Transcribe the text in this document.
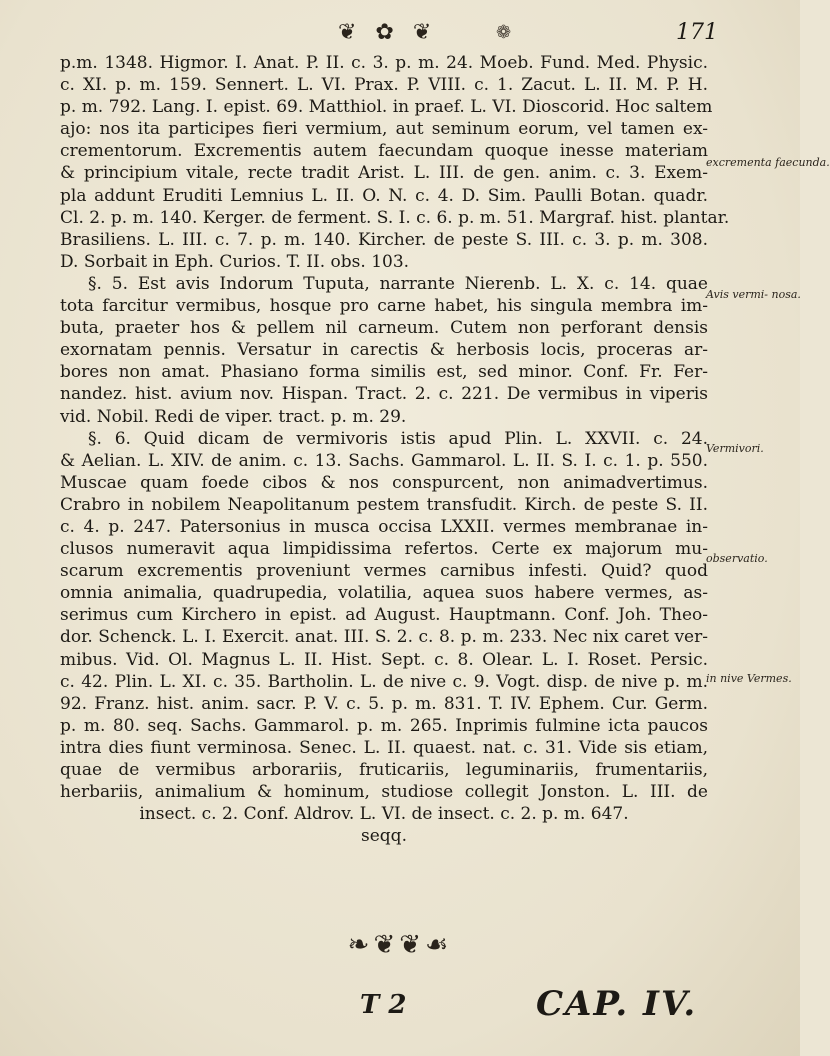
❦ ✿ ❦	❁	171
p.m. 1348. Higmor. I. Anat. P. II. c. 3. p. m. 24. Moeb. Fund. Med. Physic.
c. XI. p. m. 159. Sennert. L. VI. Prax. P. VIII. c. 1. Zacut. L. II. M. P. H.
p. m. 792. Lang. I. epist. 69. Matthiol. in praef. L. VI. Dioscorid. Hoc saltem
ajo: nos ita participes fieri vermium, aut seminum eorum, vel tamen ex-
crementorum. Excrementis autem faecundam quoque inesse materiam
& principium vitale, recte tradit Arist. L. III. de gen. anim. c. 3. Exem-
pla addunt Eruditi Lemnius L. II. O. N. c. 4. D. Sim. Paulli Botan. quadr.
Cl. 2. p. m. 140. Kerger. de ferment. S. I. c. 6. p. m. 51. Margraf. hist. plantar.
Brasiliens. L. III. c. 7. p. m. 140. Kircher. de peste S. III. c. 3. p. m. 308.
D. Sorbait in Eph. Curios. T. II. obs. 103.
§. 5. Est avis Indorum Tuputa, narrante Nierenb. L. X. c. 14. quae
tota farcitur vermibus, hosque pro carne habet, his singula membra im-
buta, praeter hos & pellem nil carneum. Cutem non perforant densis
exornatam pennis. Versatur in carectis & herbosis locis, proceras ar-
bores non amat. Phasiano forma similis est, sed minor. Conf. Fr. Fer-
nandez. hist. avium nov. Hispan. Tract. 2. c. 221. De vermibus in viperis
vid. Nobil. Redi de viper. tract. p. m. 29.
§. 6. Quid dicam de vermivoris istis apud Plin. L. XXVII. c. 24.
& Aelian. L. XIV. de anim. c. 13. Sachs. Gammarol. L. II. S. I. c. 1. p. 550.
Muscae quam foede cibos & nos conspurcent, non animadvertimus.
Crabro in nobilem Neapolitanum pestem transfudit. Kirch. de peste S. II.
c. 4. p. 247. Patersonius in musca occisa LXXII. vermes membranae in-
clusos numeravit aqua limpidissima refertos. Certe ex majorum mu-
scarum excrementis proveniunt vermes carnibus infesti. Quid? quod
omnia animalia, quadrupedia, volatilia, aquea suos habere vermes, as-
serimus cum Kirchero in epist. ad August. Hauptmann. Conf. Joh. Theo-
dor. Schenck. L. I. Exercit. anat. III. S. 2. c. 8. p. m. 233. Nec nix caret ver-
mibus. Vid. Ol. Magnus L. II. Hist. Sept. c. 8. Olear. L. I. Roset. Persic.
c. 42. Plin. L. XI. c. 35. Bartholin. L. de nive c. 9. Vogt. disp. de nive p. m.
92. Franz. hist. anim. sacr. P. V. c. 5. p. m. 831. T. IV. Ephem. Cur. Germ.
p. m. 80. seq. Sachs. Gammarol. p. m. 265. Inprimis fulmine icta paucos
intra dies fiunt verminosa. Senec. L. II. quaest. nat. c. 31. Vide sis etiam,
quae de vermibus arborariis, fruticariis, leguminariis, frumentariis,
herbariis, animalium & hominum, studiose collegit Jonston. L. III. de
insect. c. 2. Conf. Aldrov. L. VI. de insect. c. 2. p. m. 647.
seqq.
excrementa faecunda.
Avis vermi- nosa.
Vermivori.
observatio.
in nive Vermes.
❧❦❦☙
T 2	CAP. IV.
